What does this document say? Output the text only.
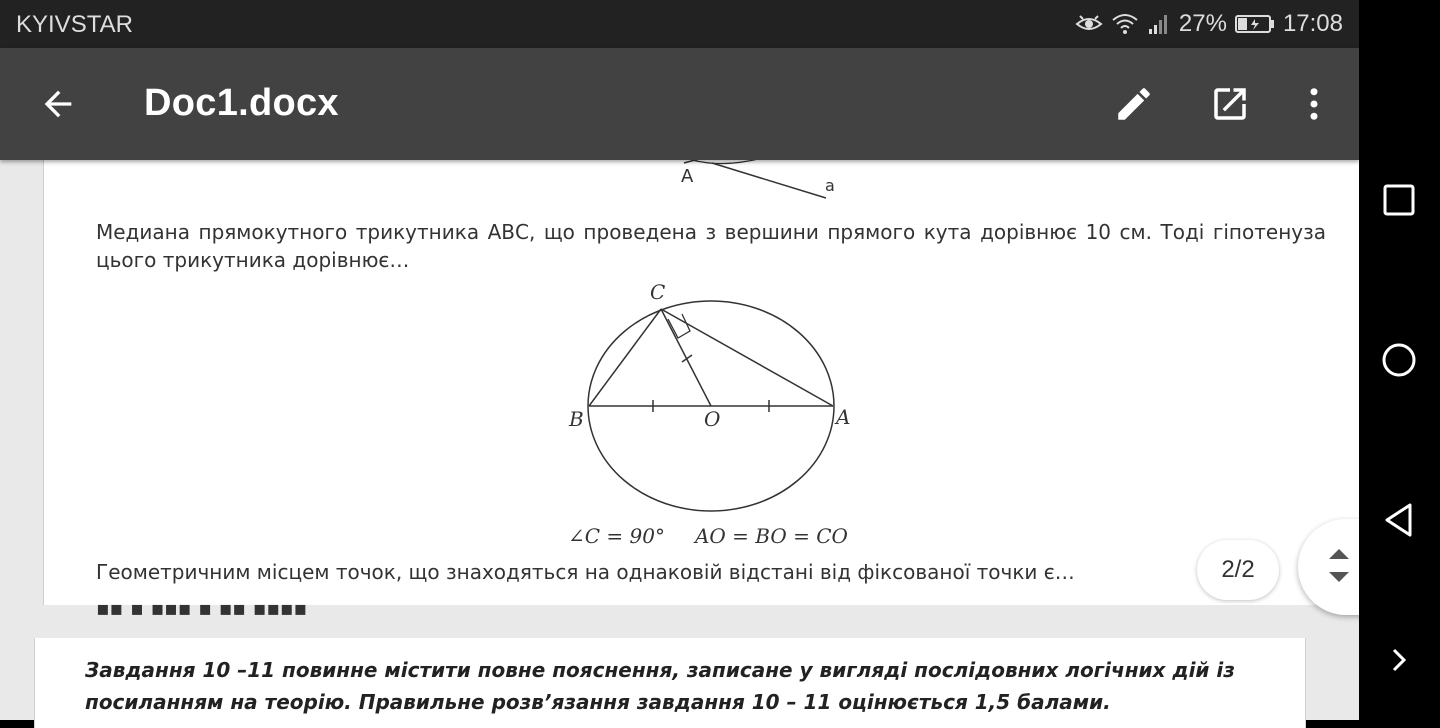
A	a
Медиана прямокутного трикутника АВС, що проведена з вершини прямого кута дорівнює 10 см. Тоді гіпотенуза цього трикутника дорівнює…
C
B	O	A
∠C = 90° AO = BO = CO
Геометричним місцем точок, що знаходяться на однаковій відстані від фіксованої точки є…
▪▪ ▪ ▪▪▪ ▪ ▪▪ ▪▪▪▪
Завдання 10 –11 повинне містити повне пояснення, записане у вигляді послідовних логічних дій із посиланням на теорію. Правильне розв’язання завдання 10 – 11 оцінюється 1,5 балами.
2/2
Doc1.docx
KYIVSTAR	27% 17:08
